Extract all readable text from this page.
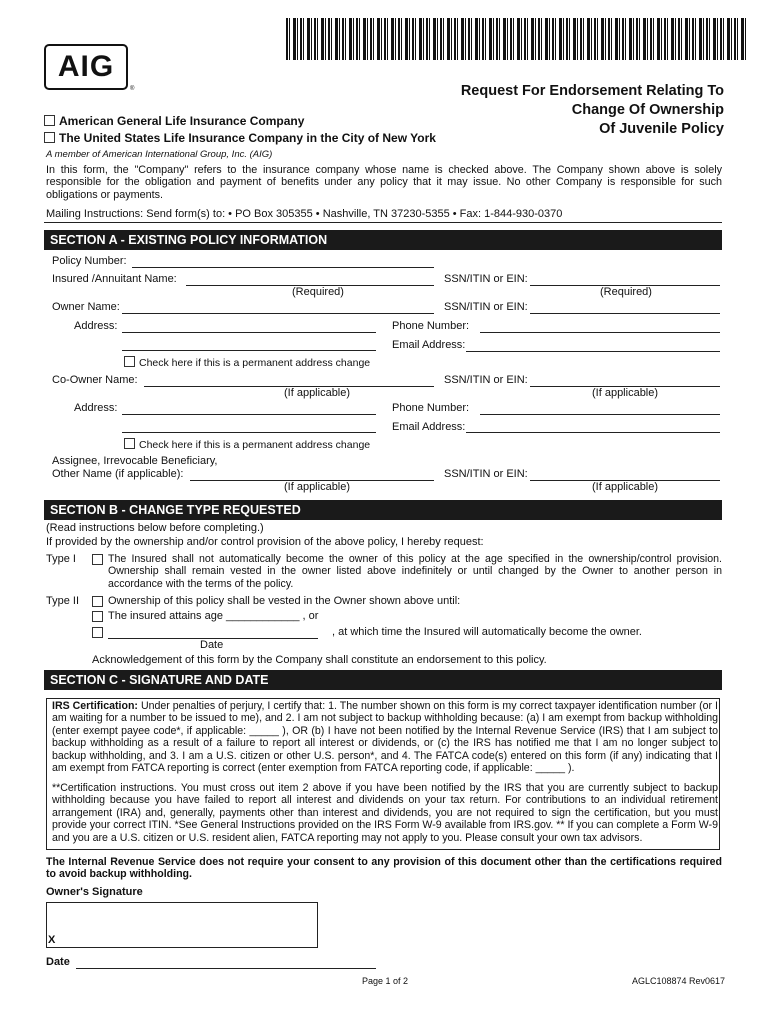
AIG
®	Request For Endorsement Relating To
Change Of Ownership
Of Juvenile Policy
American General Life Insurance Company
The United States Life Insurance Company in the City of New York
A member of American International Group, Inc. (AIG)

In this form, the "Company" refers to the insurance company whose name is checked above. The Company shown above is solely responsible for the obligation and payment of benefits under any policy that it may issue. No other Company is responsible for such obligations or payments.

Mailing Instructions: Send form(s) to: • PO Box 305355 • Nashville, TN 37230-5355 • Fax: 1-844-930-0370
SECTION A - EXISTING POLICY INFORMATION
Policy Number:
Insured /Annuitant Name:	SSN/ITIN or EIN:
(Required)	(Required)
Owner Name:	SSN/ITIN or EIN:
Address:	Phone Number:
Email Address:
Check here if this is a permanent address change
Co-Owner Name:	SSN/ITIN or EIN:
(If applicable)	(If applicable)
Address:	Phone Number:
Email Address:
Check here if this is a permanent address change
Assignee, Irrevocable Beneficiary,
Other Name (if applicable):	SSN/ITIN or EIN:
(If applicable)	(If applicable)
SECTION B - CHANGE TYPE REQUESTED
(Read instructions below before completing.)
If provided by the ownership and/or control provision of the above policy, I hereby request:
Type I	The Insured shall not automatically become the owner of this policy at the age specified in the ownership/control provision. Ownership shall remain vested in the owner listed above indefinitely or until changed by the Owner to another person in accordance with the terms of the policy.

Type II	Ownership of this policy shall be vested in the Owner shown above until:
The insured attains age ____________ , or
, at which time the Insured will automatically become the owner.
Date
Acknowledgement of this form by the Company shall constitute an endorsement to this policy.
SECTION C - SIGNATURE AND DATE

IRS Certification: Under penalties of perjury, I certify that: 1. The number shown on this form is my correct taxpayer identification number (or I am waiting for a number to be issued to me), and 2. I am not subject to backup withholding because: (a) I am exempt from backup withholding (enter exempt payee code*, if applicable: _____ ), OR (b) I have not been notified by the Internal Revenue Service (IRS) that I am subject to backup withholding as a result of a failure to report all interest or dividends, or (c) the IRS has notified me that I am no longer subject to backup withholding, and 3. I am a U.S. citizen or other U.S. person*, and 4. The FATCA code(s) entered on this form (if any) indicating that I am exempt from FATCA reporting is correct (enter exemption from FATCA reporting code, if applicable: _____ ).

**Certification instructions. You must cross out item 2 above if you have been notified by the IRS that you are currently subject to backup withholding because you have failed to report all interest and dividends on your tax return. For contributions to an individual retirement arrangement (IRA) and, generally, payments other than interest and dividends, you are not required to sign the certification, but you must provide your correct ITIN. *See General Instructions provided on the IRS Form W-9 available from IRS.gov. ** If you can complete a Form W-9 and you are a U.S. citizen or U.S. resident alien, FATCA reporting may not apply to you. Please consult your own tax advisors.

The Internal Revenue Service does not require your consent to any provision of this document other than the certifications required to avoid backup withholding.

Owner's Signature
X
Date
Page 1 of 2	AGLC108874 Rev0617
